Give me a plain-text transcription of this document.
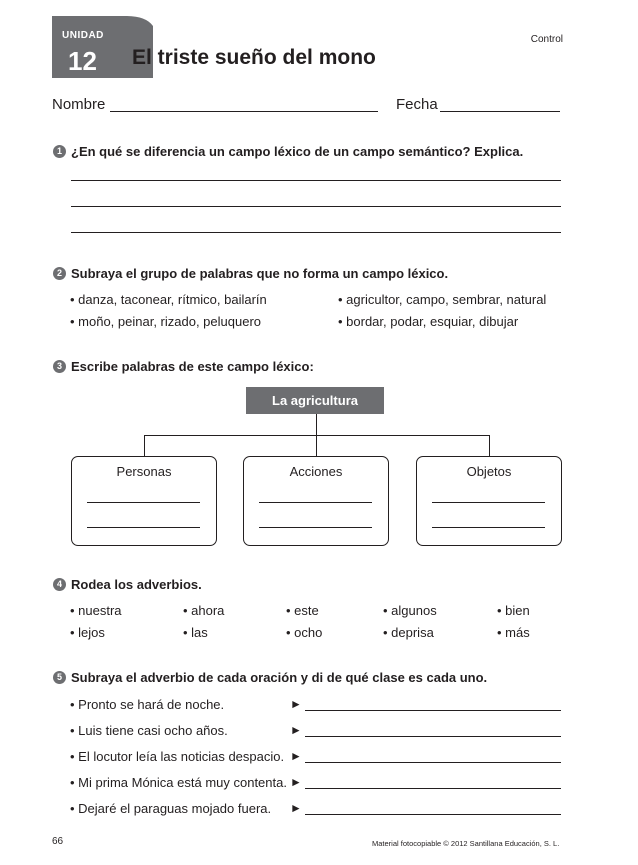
UNIDAD
12 El triste sueño del mono
Control
Nombre	Fecha
1 ¿En qué se diferencia un campo léxico de un campo semántico? Explica.
2 Subraya el grupo de palabras que no forma un campo léxico.
• danza, taconear, rítmico, bailarín	• agricultor, campo, sembrar, natural
• moño, peinar, rizado, peluquero	• bordar, podar, esquiar, dibujar
3 Escribe palabras de este campo léxico:
La agricultura
Personas	Acciones	Objetos
4 Rodea los adverbios.
• nuestra	• ahora	• este	• algunos	• bien
• lejos	• las	• ocho	• deprisa	• más
5 Subraya el adverbio de cada oración y di de qué clase es cada uno.
• Pronto se hará de noche.	►
• Luis tiene casi ocho años.	►
• El locutor leía las noticias despacio. ►
• Mi prima Mónica está muy contenta. ►
• Dejaré el paraguas mojado fuera. ►
66	Material fotocopiable © 2012 Santillana Educación, S. L.
